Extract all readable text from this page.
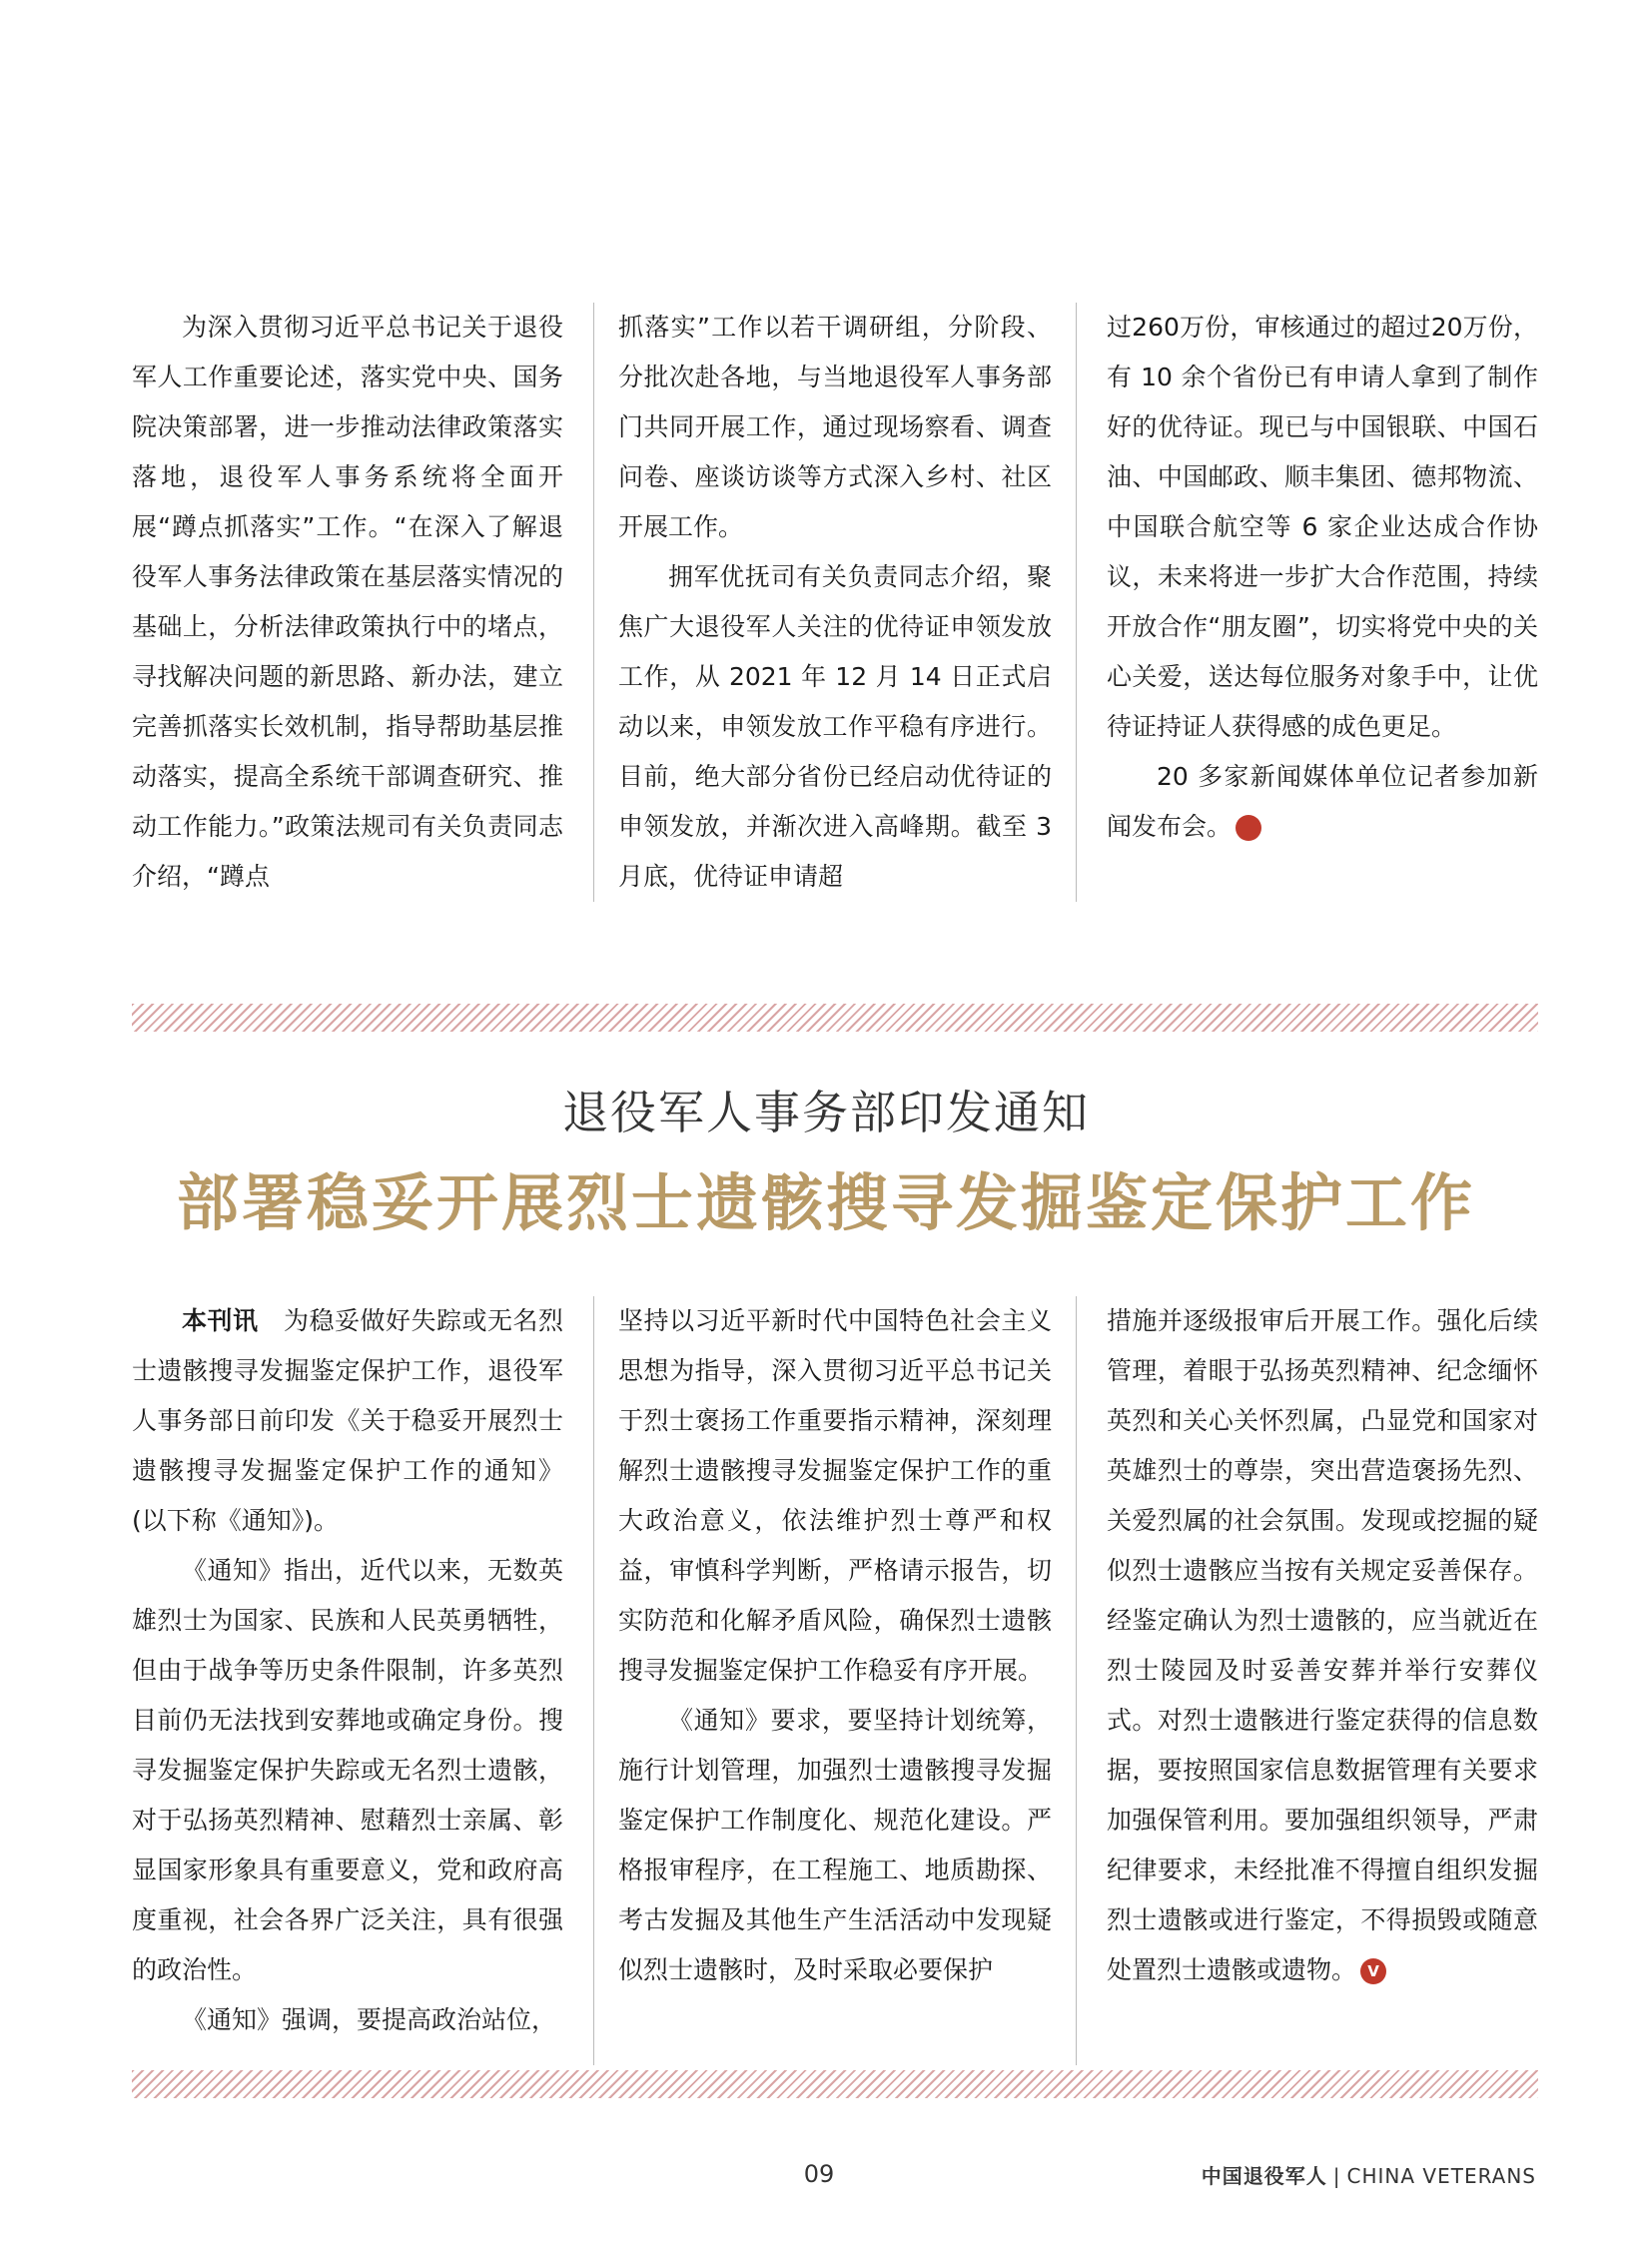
为深入贯彻习近平总书记关于退役军人工作重要论述，落实党中央、国务院决策部署，进一步推动法律政策落实落地，退役军人事务系统将全面开展“蹲点抓落实”工作。“在深入了解退役军人事务法律政策在基层落实情况的基础上，分析法律政策执行中的堵点，寻找解决问题的新思路、新办法，建立完善抓落实长效机制，指导帮助基层推动落实，提高全系统干部调查研究、推动工作能力。”政策法规司有关负责同志介绍，“蹲点

抓落实”工作以若干调研组，分阶段、分批次赴各地，与当地退役军人事务部门共同开展工作，通过现场察看、调查问卷、座谈访谈等方式深入乡村、社区开展工作。

拥军优抚司有关负责同志介绍，聚焦广大退役军人关注的优待证申领发放工作，从 2021 年 12 月 14 日正式启动以来，申领发放工作平稳有序进行。目前，绝大部分省份已经启动优待证的申领发放，并渐次进入高峰期。截至 3 月底，优待证申请超

过260万份，审核通过的超过20万份，有 10 余个省份已有申请人拿到了制作好的优待证。现已与中国银联、中国石油、中国邮政、顺丰集团、德邦物流、中国联合航空等 6 家企业达成合作协议，未来将进一步扩大合作范围，持续开放合作“朋友圈”，切实将党中央的关心关爱，送达每位服务对象手中，让优待证持证人获得感的成色更足。

20 多家新闻媒体单位记者参加新闻发布会。	V

退役军人事务部印发通知
部署稳妥开展烈士遗骸搜寻发掘鉴定保护工作

本刊讯　 为稳妥做好失踪或无名烈士遗骸搜寻发掘鉴定保护工作，退役军人事务部日前印发《关于稳妥开展烈士遗骸搜寻发掘鉴定保护工作的通知》(以下称《通知》)。

《通知》指出，近代以来，无数英雄烈士为国家、民族和人民英勇牺牲，但由于战争等历史条件限制，许多英烈目前仍无法找到安葬地或确定身份。搜寻发掘鉴定保护失踪或无名烈士遗骸，对于弘扬英烈精神、慰藉烈士亲属、彰显国家形象具有重要意义，党和政府高度重视，社会各界广泛关注，具有很强的政治性。

《通知》强调，要提高政治站位，

坚持以习近平新时代中国特色社会主义思想为指导，深入贯彻习近平总书记关于烈士褒扬工作重要指示精神，深刻理解烈士遗骸搜寻发掘鉴定保护工作的重大政治意义，依法维护烈士尊严和权益，审慎科学判断，严格请示报告，切实防范和化解矛盾风险，确保烈士遗骸搜寻发掘鉴定保护工作稳妥有序开展。

《通知》要求，要坚持计划统筹，施行计划管理，加强烈士遗骸搜寻发掘鉴定保护工作制度化、规范化建设。严格报审程序，在工程施工、地质勘探、考古发掘及其他生产生活活动中发现疑似烈士遗骸时，及时采取必要保护

措施并逐级报审后开展工作。强化后续管理，着眼于弘扬英烈精神、纪念缅怀英烈和关心关怀烈属，凸显党和国家对英雄烈士的尊崇，突出营造褒扬先烈、关爱烈属的社会氛围。发现或挖掘的疑似烈士遗骸应当按有关规定妥善保存。经鉴定确认为烈士遗骸的，应当就近在烈士陵园及时妥善安葬并举行安葬仪式。对烈士遗骸进行鉴定获得的信息数据，要按照国家信息数据管理有关要求加强保管利用。要加强组织领导，严肃纪律要求，未经批准不得擅自组织发掘烈士遗骸或进行鉴定，不得损毁或随意处置烈士遗骸或遗物。 V

09	中国退役军人 | CHINA VETERANS
